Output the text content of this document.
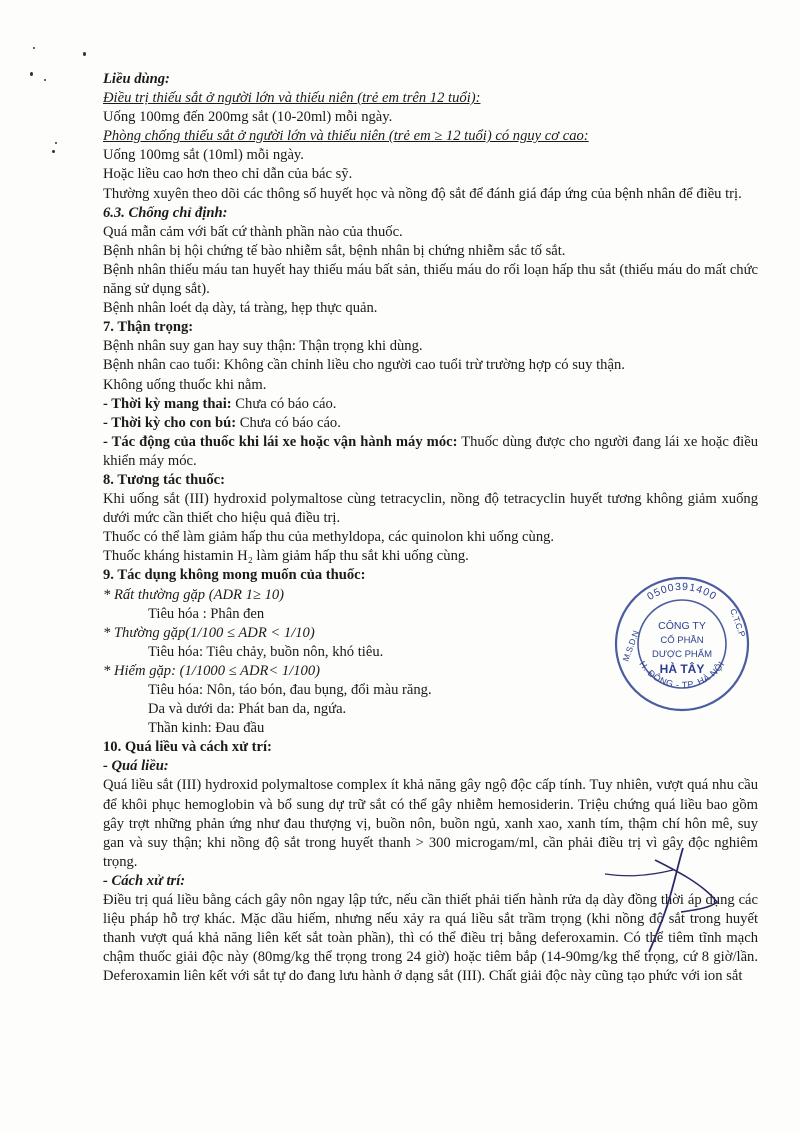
Liều dùng:
Điều trị thiếu sắt ở người lớn và thiếu niên (trẻ em trên 12 tuổi):
Uống 100mg đến 200mg sắt (10-20ml) mỗi ngày.
Phòng chống thiếu sắt ở người lớn và thiếu niên (trẻ em ≥ 12 tuổi) có nguy cơ cao:
Uống 100mg sắt (10ml) mỗi ngày.
Hoặc liều cao hơn theo chỉ dẫn của bác sỹ.
Thường xuyên theo dõi các thông số huyết học và nồng độ sắt để đánh giá đáp ứng của bệnh nhân để điều trị.
6.3. Chống chỉ định:
Quá mẫn cảm với bất cứ thành phần nào của thuốc.
Bệnh nhân bị hội chứng tế bào nhiễm sắt, bệnh nhân bị chứng nhiễm sắc tố sắt.
Bệnh nhân thiếu máu tan huyết hay thiếu máu bất sản, thiếu máu do rối loạn hấp thu sắt (thiếu máu do mất chức năng sử dụng sắt).
Bệnh nhân loét dạ dày, tá tràng, hẹp thực quản.
7. Thận trọng:
Bệnh nhân suy gan hay suy thận: Thận trọng khi dùng.
Bệnh nhân cao tuổi: Không cần chỉnh liều cho người cao tuổi trừ trường hợp có suy thận.
Không uống thuốc khi nằm.
- Thời kỳ mang thai: Chưa có báo cáo.
- Thời kỳ cho con bú: Chưa có báo cáo.
- Tác động của thuốc khi lái xe hoặc vận hành máy móc: Thuốc dùng được cho người đang lái xe hoặc điều khiển máy móc.
8. Tương tác thuốc:
Khi uống sắt (III) hydroxid polymaltose cùng tetracyclin, nồng độ tetracyclin huyết tương không giảm xuống dưới mức cần thiết cho hiệu quả điều trị.
Thuốc có thể làm giảm hấp thu của methyldopa, các quinolon khi uống cùng.
Thuốc kháng histamin H₂ làm giảm hấp thu sắt khi uống cùng.
9. Tác dụng không mong muốn của thuốc:
* Rất thường gặp (ADR 1≥ 10)
Tiêu hóa : Phân đen
* Thường gặp(1/100 ≤ ADR < 1/10)
Tiêu hóa: Tiêu chảy, buồn nôn, khó tiêu.
* Hiếm gặp: (1/1000 ≤ ADR< 1/100)
Tiêu hóa: Nôn, táo bón, đau bụng, đổi màu răng.
Da và dưới da: Phát ban da, ngứa.
Thần kinh: Đau đầu
10. Quá liều và cách xử trí:
- Quá liều:
Quá liều sắt (III) hydroxid polymaltose complex ít khả năng gây ngộ độc cấp tính. Tuy nhiên, vượt quá nhu cầu để khôi phục hemoglobin và bổ sung dự trữ sắt có thể gây nhiễm hemosiderin. Triệu chứng quá liều bao gồm gây trợt những phản ứng như đau thượng vị, buồn nôn, buồn ngủ, xanh xao, xanh tím, thậm chí hôn mê, suy gan và suy thận; khi nồng độ sắt trong huyết thanh > 300 microgam/ml, cần phải điều trị vì gây độc nghiêm trọng.
- Cách xử trí:
Điều trị quá liều bằng cách gây nôn ngay lập tức, nếu cần thiết phải tiến hành rửa dạ dày đồng thời áp dụng các liệu pháp hỗ trợ khác. Mặc dầu hiếm, nhưng nếu xảy ra quá liều sắt trầm trọng (khi nồng độ sắt trong huyết thanh vượt quá khả năng liên kết sắt toàn phần), thì có thể điều trị bằng deferoxamin. Có thể tiêm tĩnh mạch chậm thuốc giải độc này (80mg/kg thể trọng trong 24 giờ) hoặc tiêm bắp (14-90mg/kg thể trọng, cứ 8 giờ/lần. Deferoxamin liên kết với sắt tự do đang lưu hành ở dạng sắt (III). Chất giải độc này cũng tạo phức với ion sắt
0500391400
H. ĐÔNG - TP. HÀ NỘI
M.S.D.N
C.T.C.P
CÔNG TY
CỔ PHẦN
DƯỢC PHẨM
HÀ TÂY
